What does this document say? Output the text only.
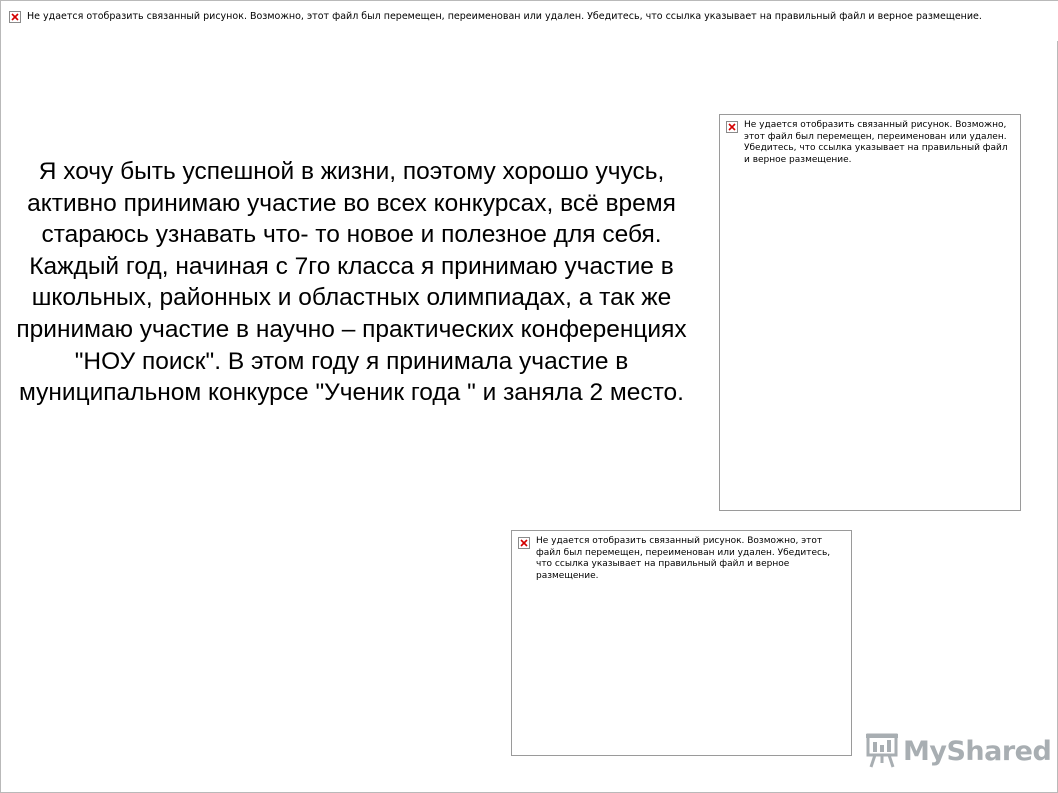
Не удается отобразить связанный рисунок. Возможно, этот файл был перемещен, переименован или удален. Убедитесь, что ссылка указывает на правильный файл и верное размещение.

Я хочу быть успешной в жизни, поэтому хорошо учусь, активно принимаю участие во всех конкурсах, всё время стараюсь узнавать что- то новое и полезное для себя. Каждый год, начиная с 7го класса я принимаю участие в школьных, районных и областных олимпиадах, а так же принимаю участие в научно – практических конференциях "НОУ поиск". В этом году я принимала участие в муниципальном конкурсе "Ученик года " и заняла 2 место.

Не удается отобразить связанный рисунок. Возможно, этот файл был перемещен, переименован или удален. Убедитесь, что ссылка указывает на правильный файл и верное размещение.
Не удается отобразить связанный рисунок. Возможно, этот файл был перемещен, переименован или удален. Убедитесь, что ссылка указывает на правильный файл и верное размещение.
MyShared
